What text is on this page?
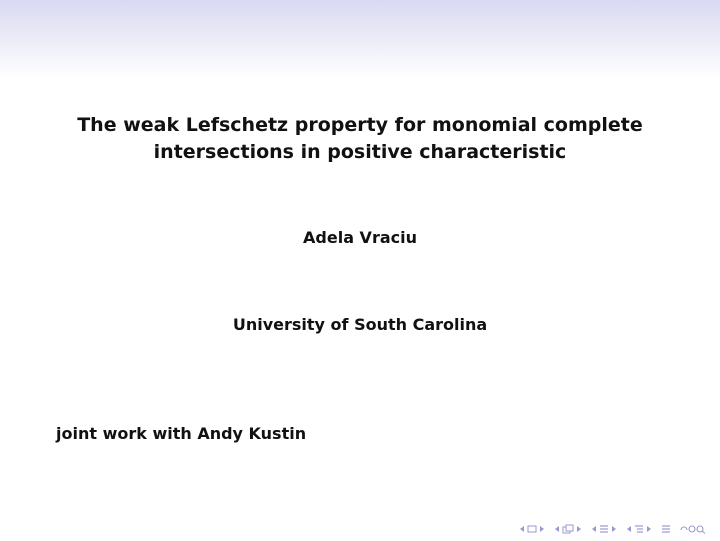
The weak Lefschetz property for monomial complete
intersections in positive characteristic
Adela Vraciu
University of South Carolina
joint work with Andy Kustin
